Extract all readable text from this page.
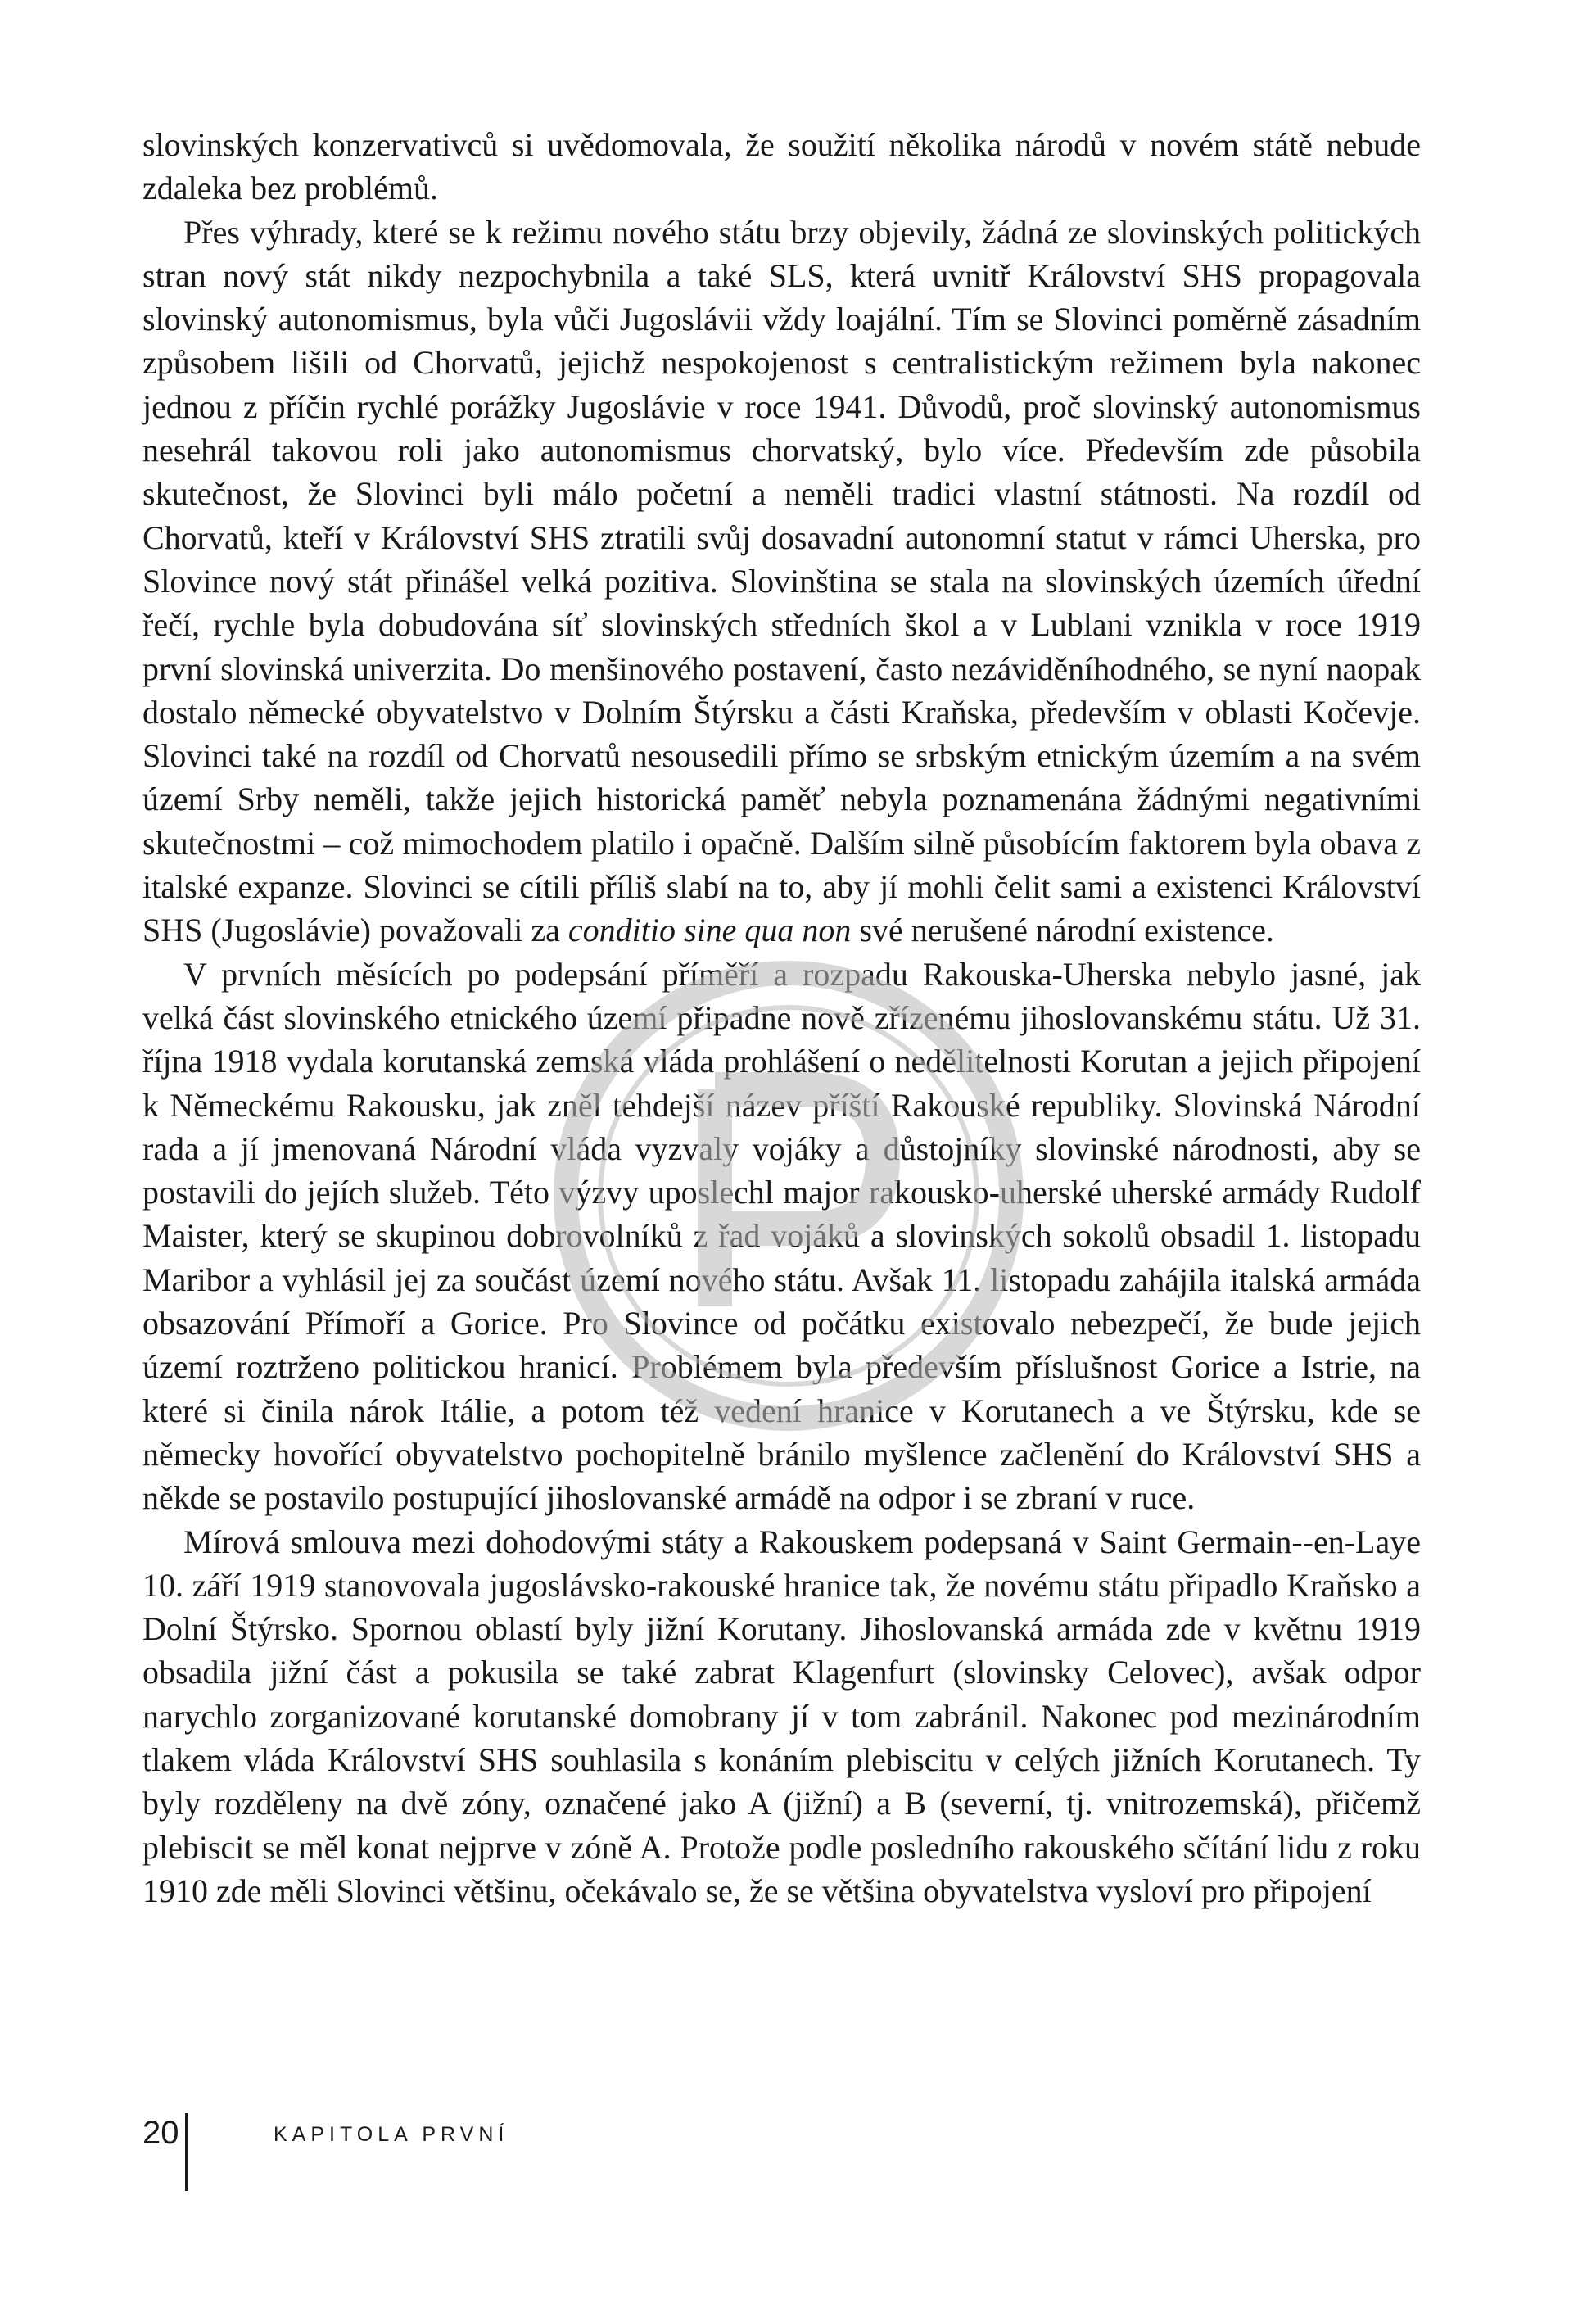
slovinských konzervativců si uvědomovala, že soužití několika národů v novém státě nebude zdaleka bez problémů.

Přes výhrady, které se k režimu nového státu brzy objevily, žádná ze slovinských politických stran nový stát nikdy nezpochybnila a také SLS, která uvnitř Království SHS propagovala slovinský autonomismus, byla vůči Jugoslávii vždy loajální. Tím se Slovinci poměrně zásadním způsobem lišili od Chorvatů, jejichž nespokojenost s centralistickým režimem byla nakonec jednou z příčin rychlé porážky Jugoslávie v roce 1941. Důvodů, proč slovinský autonomismus nesehrál takovou roli jako autonomismus chorvatský, bylo více. Především zde působila skutečnost, že Slovinci byli málo početní a neměli tradici vlastní státnosti. Na rozdíl od Chorvatů, kteří v Království SHS ztratili svůj dosavadní autonomní statut v rámci Uherska, pro Slovince nový stát přinášel velká pozitiva. Slovinština se stala na slovinských územích úřední řečí, rychle byla dobudována síť slovinských středních škol a v Lublani vznikla v roce 1919 první slovinská univerzita. Do menšinového postavení, často nezáviděníhodného, se nyní naopak dostalo německé obyvatelstvo v Dolním Štýrsku a části Kraňska, především v oblasti Kočevje. Slovinci také na rozdíl od Chorvatů nesousedili přímo se srbským etnickým územím a na svém území Srby neměli, takže jejich historická paměť nebyla poznamenána žádnými negativními skutečnostmi – což mimochodem platilo i opačně. Dalším silně působícím faktorem byla obava z italské expanze. Slovinci se cítili příliš slabí na to, aby jí mohli čelit sami a existenci Království SHS (Jugoslávie) považovali za conditio sine qua non své nerušené národní existence.

V prvních měsících po podepsání příměří a rozpadu Rakouska-Uherska nebylo jasné, jak velká část slovinského etnického území připadne nově zřízenému jihoslovanskému státu. Už 31. října 1918 vydala korutanská zemská vláda prohlášení o nedělitelnosti Korutan a jejich připojení k Německému Rakousku, jak zněl tehdejší název příští Rakouské republiky. Slovinská Národní rada a jí jmenovaná Národní vláda vyzvaly vojáky a důstojníky slovinské národnosti, aby se postavili do jejích služeb. Této výzvy uposlechl major rakousko-uherské uherské armády Rudolf Maister, který se skupinou dobrovolníků z řad vojáků a slovinských sokolů obsadil 1. listopadu Maribor a vyhlásil jej za součást území nového státu. Avšak 11. listopadu zahájila italská armáda obsazování Přímoří a Gorice. Pro Slovince od počátku existovalo nebezpečí, že bude jejich území roztrženo politickou hranicí. Problémem byla především příslušnost Gorice a Istrie, na které si činila nárok Itálie, a potom též vedení hranice v Korutanech a ve Štýrsku, kde se německy hovořící obyvatelstvo pochopitelně bránilo myšlence začlenění do Království SHS a někde se postavilo postupující jihoslovanské armádě na odpor i se zbraní v ruce.

Mírová smlouva mezi dohodovými státy a Rakouskem podepsaná v Saint Germain--en-Laye 10. září 1919 stanovovala jugoslávsko-rakouské hranice tak, že novému státu připadlo Kraňsko a Dolní Štýrsko. Spornou oblastí byly jižní Korutany. Jihoslovanská armáda zde v květnu 1919 obsadila jižní část a pokusila se také zabrat Klagenfurt (slovinsky Celovec), avšak odpor narychlo zorganizované korutanské domobrany jí v tom zabránil. Nakonec pod mezinárodním tlakem vláda Království SHS souhlasila s konáním plebiscitu v celých jižních Korutanech. Ty byly rozděleny na dvě zóny, označené jako A (jižní) a B (severní, tj. vnitrozemská), přičemž plebiscit se měl konat nejprve v zóně A. Protože podle posledního rakouského sčítání lidu z roku 1910 zde měli Slovinci většinu, očekávalo se, že se většina obyvatelstva vysloví pro připojení

20	KAPITOLA PRVNÍ
